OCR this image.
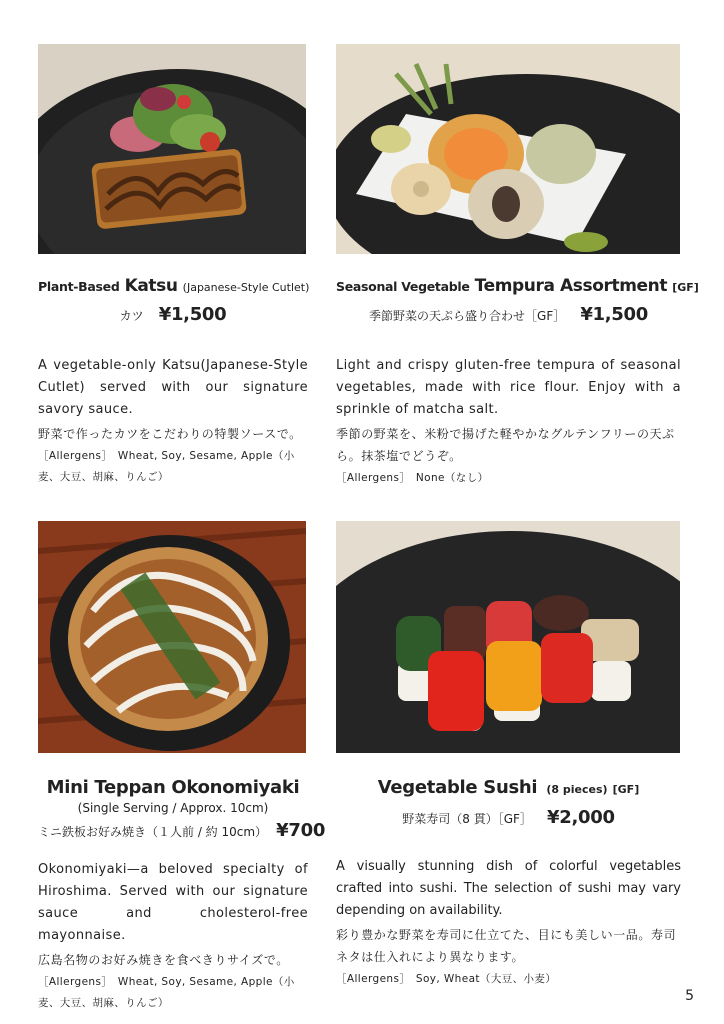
Plant-Based Katsu (Japanese-Style Cutlet)
カツ ¥1,500
A vegetable-only Katsu(Japanese-Style Cutlet) served with our signature savory sauce.
野菜で作ったカツをこだわりの特製ソースで。
［Allergens］　Wheat, Soy, Sesame, Apple（小麦、大豆、胡麻、りんご）
Seasonal Vegetable Tempura Assortment [GF]
季節野菜の天ぷら盛り合わせ［GF］ ¥1,500
Light and crispy gluten-free tempura of seasonal vegetables, made with rice flour. Enjoy with a sprinkle of matcha salt.
季節の野菜を、米粉で揚げた軽やかなグルテンフリーの天ぷら。抹茶塩でどうぞ。
［Allergens］　None（なし）
Mini Teppan Okonomiyaki
(Single Serving / Approx. 10cm)
ミニ鉄板お好み焼き（１人前 / 約 10cm） ¥700
Okonomiyaki—a beloved specialty of Hiroshima. Served with our signature sauce and cholesterol-free mayonnaise.
広島名物のお好み焼きを食べきりサイズで。
［Allergens］　Wheat, Soy, Sesame, Apple（小麦、大豆、胡麻、りんご）
Vegetable Sushi (8 pieces) [GF]
野菜寿司（8 貫）［GF］ ¥2,000
A visually stunning dish of colorful vegetables crafted into sushi. The selection of sushi may vary depending on availability.
彩り豊かな野菜を寿司に仕立てた、目にも美しい一品。寿司ネタは仕入れにより異なります。
［Allergens］　Soy, Wheat（大豆、小麦）
5
